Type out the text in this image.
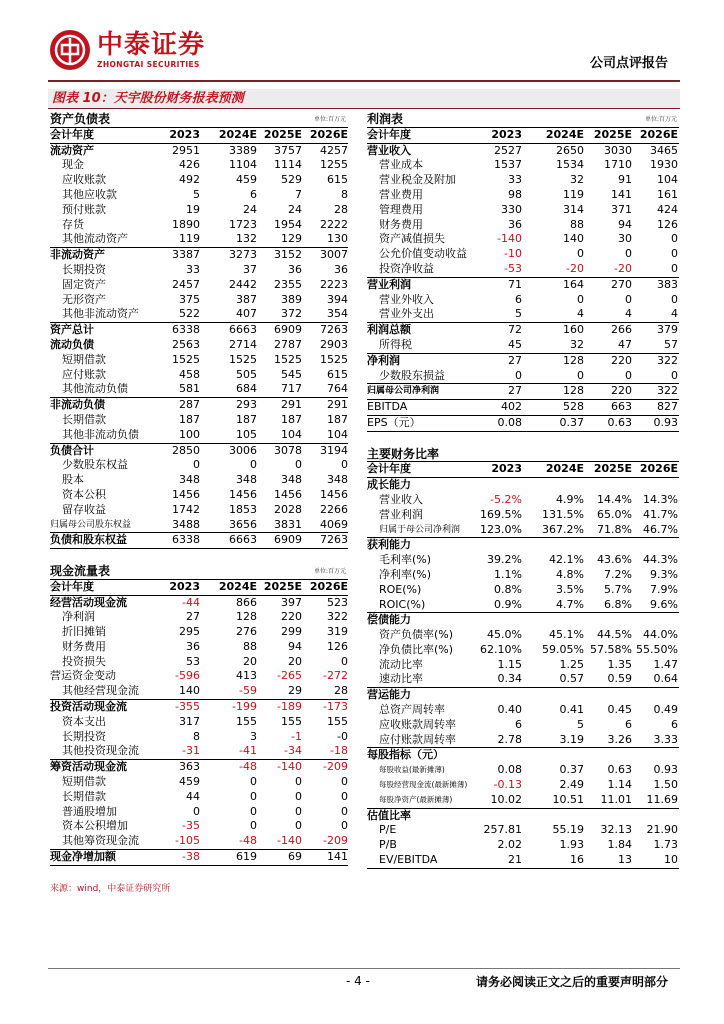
中泰证券
ZHONGTAI SECURITIES	公司点评报告
图表 10：天宇股份财务报表预测
资产负债表	单位:百万元
会计年度	2023	2024E 2025E 2026E
流动资产	2951	3389	3757	4257
现金	426	1104	1114	1255
应收账款	492	459	529	615
其他应收款	5	6	7	8
预付账款	19	24	24	28
存货	1890	1723	1954	2222
其他流动资产	119	132	129	130
非流动资产	3387	3273	3152	3007
长期投资	33	37	36	36
固定资产	2457	2442	2355	2223
无形资产	375	387	389	394
其他非流动资产	522	407	372	354
资产总计	6338	6663	6909	7263
流动负债	2563	2714	2787	2903
短期借款	1525	1525	1525	1525
应付账款	458	505	545	615
其他流动负债	581	684	717	764
非流动负债	287	293	291	291
长期借款	187	187	187	187
其他非流动负债	100	105	104	104
负债合计	2850	3006	3078	3194
少数股东权益	0	0	0	0
股本	348	348	348	348
资本公积	1456	1456	1456	1456
留存收益	1742	1853	2028	2266
归属母公司股东权益	3488	3656	3831	4069
负债和股东权益	6338	6663	6909	7263
现金流量表	单位:百万元
会计年度	2023	2024E 2025E 2026E
经营活动现金流	-44	866	397	523
净利润	27	128	220	322
折旧摊销	295	276	299	319
财务费用	36	88	94	126
投资损失	53	20	20	0
营运资金变动	-596	413	-265	-272
其他经营现金流	140	-59	29	28
投资活动现金流	-355	-199	-189	-173
资本支出	317	155	155	155
长期投资	8	3	-1	-0
其他投资现金流	-31	-41	-34	-18
筹资活动现金流	363	-48	-140	-209
短期借款	459	0	0	0
长期借款	44	0	0	0
普通股增加	0	0	0	0
资本公积增加	-35	0	0	0
其他筹资现金流	-105	-48	-140	-209
现金净增加额	-38	619	69	141
利润表	单位:百万元
会计年度	2023	2024E 2025E 2026E
营业收入	2527	2650	3030	3465
营业成本	1537	1534	1710	1930
营业税金及附加	33	32	91	104
营业费用	98	119	141	161
管理费用	330	314	371	424
财务费用	36	88	94	126
资产减值损失	-140	140	30	0
公允价值变动收益	-10	0	0	0
投资净收益	-53	-20	-20	0
营业利润	71	164	270	383
营业外收入	6	0	0	0
营业外支出	5	4	4	4
利润总额	72	160	266	379
所得税	45	32	47	57
净利润	27	128	220	322
少数股东损益	0	0	0	0
归属母公司净利润	27	128	220	322
EBITDA	402	528	663	827
EPS（元）	0.08	0.37	0.63	0.93
主要财务比率
会计年度	2023	2024E 2025E 2026E
成长能力
营业收入	-5.2%	4.9%	14.4%	14.3%
营业利润	169.5%	131.5%	65.0%	41.7%
归属于母公司净利润	123.0%	367.2%	71.8%	46.7%
获利能力
毛利率(%)	39.2%	42.1%	43.6%	44.3%
净利率(%)	1.1%	4.8%	7.2%	9.3%
ROE(%)	0.8%	3.5%	5.7%	7.9%
ROIC(%)	0.9%	4.7%	6.8%	9.6%
偿债能力
资产负债率(%)	45.0%	45.1%	44.5%	44.0%
净负债比率(%)	62.10%	59.05% 57.58% 55.50%
流动比率	1.15	1.25	1.35	1.47
速动比率	0.34	0.57	0.59	0.64
营运能力
总资产周转率	0.40	0.41	0.45	0.49
应收账款周转率	6	5	6	6
应付账款周转率	2.78	3.19	3.26	3.33
每股指标（元）
每股收益(最新摊薄)	0.08	0.37	0.63	0.93
每股经营现金流(最新摊薄)	-0.13	2.49	1.14	1.50
每股净资产(最新摊薄)	10.02	10.51	11.01	11.69
估值比率
P/E	257.81	55.19	32.13	21.90
P/B	2.02	1.93	1.84	1.73
EV/EBITDA	21	16	13	10
来源：wind，中泰证券研究所
- 4 -	请务必阅读正文之后的重要声明部分
